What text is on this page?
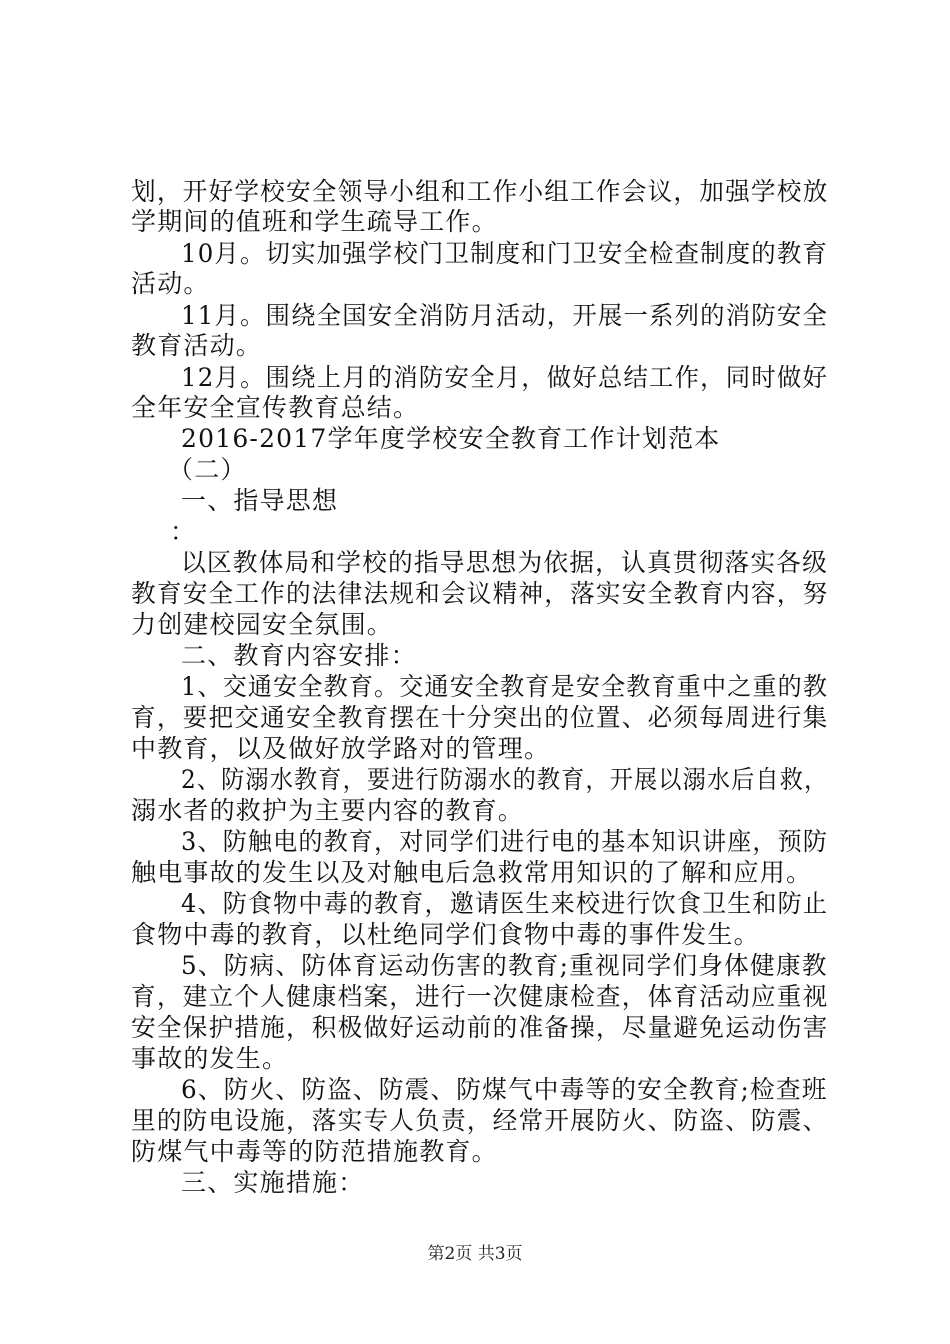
划，开好学校安全领导小组和工作小组工作会议，加强学校放
学期间的值班和学生疏导工作。
10月。切实加强学校门卫制度和门卫安全检查制度的教育
活动。
11月。围绕全国安全消防月活动，开展一系列的消防安全
教育活动。
12月。围绕上月的消防安全月，做好总结工作，同时做好
全年安全宣传教育总结。
2016-2017学年度学校安全教育工作计划范本
（二）
一、指导思想
：
以区教体局和学校的指导思想为依据，认真贯彻落实各级
教育安全工作的法律法规和会议精神，落实安全教育内容，努
力创建校园安全氛围。
二、教育内容安排：
1、交通安全教育。交通安全教育是安全教育重中之重的教
育，要把交通安全教育摆在十分突出的位置、必须每周进行集
中教育，以及做好放学路对的管理。
2、防溺水教育，要进行防溺水的教育，开展以溺水后自救，
溺水者的救护为主要内容的教育。
3、防触电的教育，对同学们进行电的基本知识讲座，预防
触电事故的发生以及对触电后急救常用知识的了解和应用。
4、防食物中毒的教育，邀请医生来校进行饮食卫生和防止
食物中毒的教育，以杜绝同学们食物中毒的事件发生。
5、防病、防体育运动伤害的教育;重视同学们身体健康教
育，建立个人健康档案，进行一次健康检查，体育活动应重视
安全保护措施，积极做好运动前的准备操，尽量避免运动伤害
事故的发生。
6、防火、防盗、防震、防煤气中毒等的安全教育;检查班
里的防电设施，落实专人负责，经常开展防火、防盗、防震、
防煤气中毒等的防范措施教育。
三、实施措施：
第2页 共3页
